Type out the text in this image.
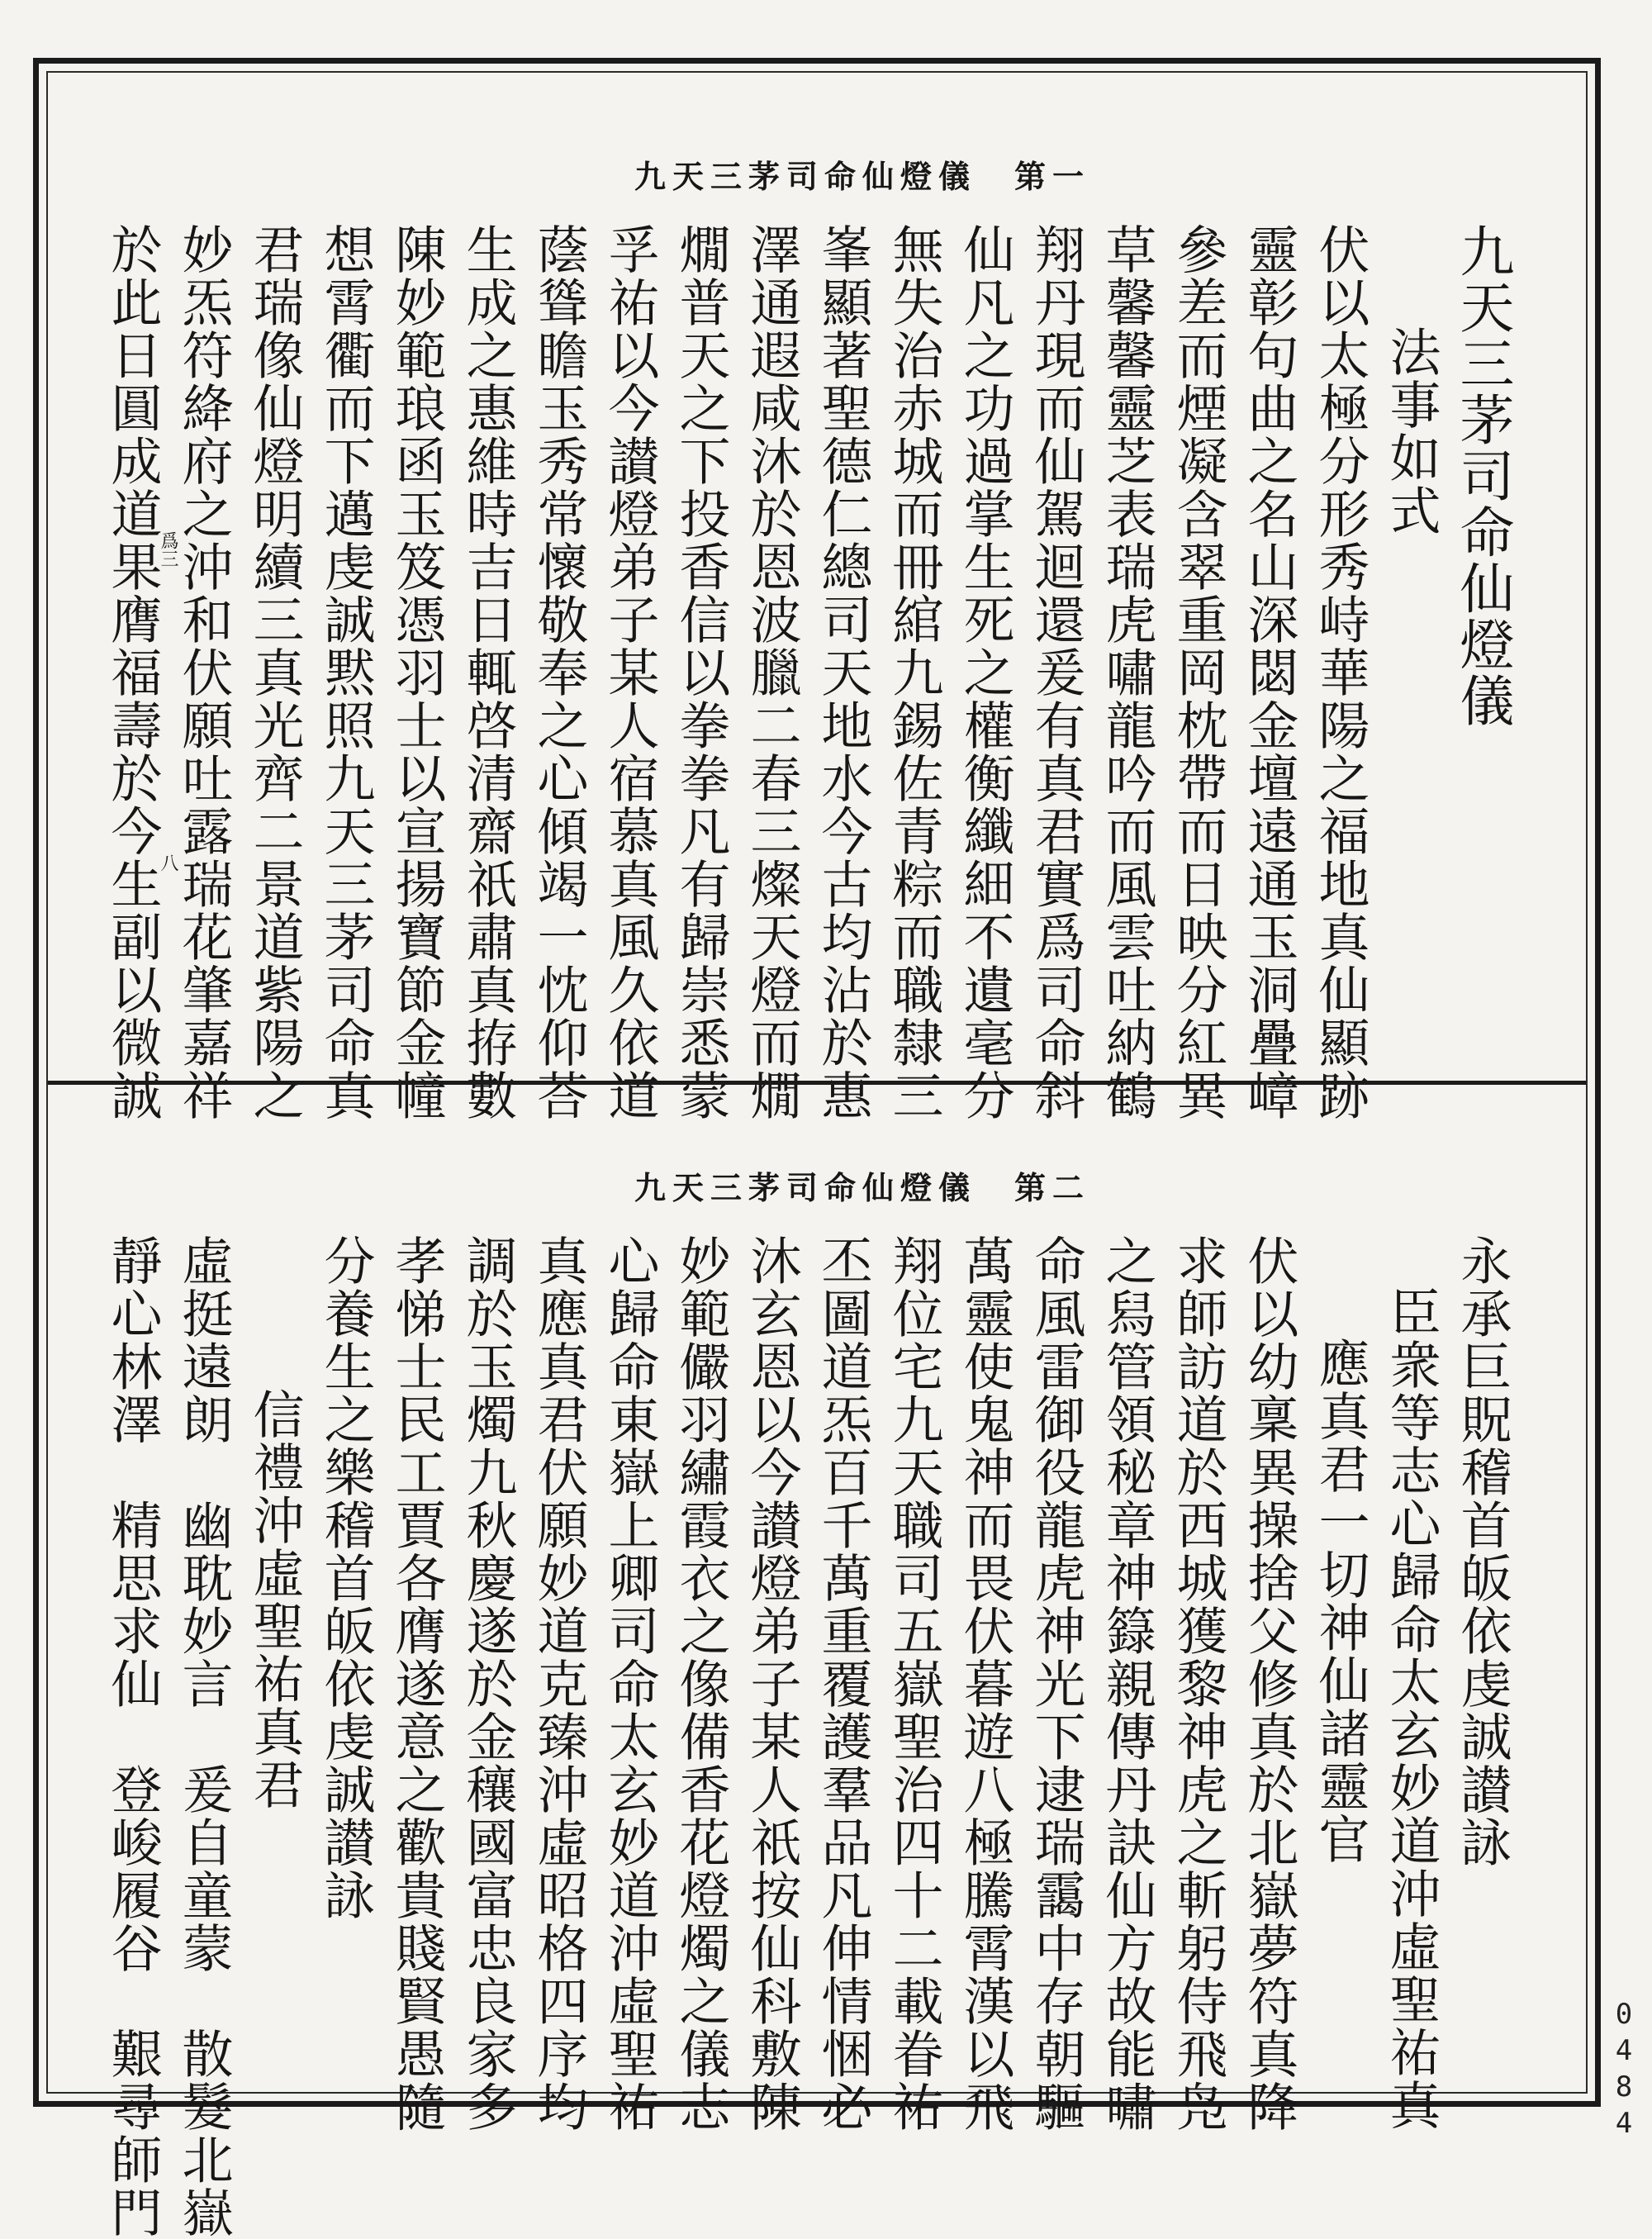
九天三茅司命仙燈儀　第一
九天三茅司命仙燈儀
法事如式
伏以太極分形秀峙華陽之福地真仙顯跡
靈彰句曲之名山深閟金壇遠通玉洞疊嶂
參差而煙凝含翠重岡枕帶而日映分紅異
草馨馨靈芝表瑞虎嘯龍吟而風雲吐納鶴
翔丹現而仙駕迴還爰有真君實爲司命斜
仙凡之功過掌生死之權衡纖細不遺毫分
無失治赤城而冊綰九錫佐青粽而職隸三
峯顯著聖德仁總司天地水今古均沾於惠
澤通遐咸沐於恩波臘二春三燦天燈而燗
燗普天之下投香信以拳拳凡有歸崇悉蒙
孚祐以今讃燈弟子某人宿慕真風久依道
蔭聳瞻玉秀常懷敬奉之心傾竭一忱仰荅
生成之惠維時吉日輒啓清齋祇肅真拵數
陳妙範琅函玉笈憑羽士以宣揚寶節金幢
想霄衢而下邁虔誠黙照九天三茅司命真
君瑞像仙燈明續三真光齊二景道紫陽之
妙炁符絳府之沖和伏願吐露瑞花肇嘉祥
於此日圓成道果膺福壽於今生副以微誠
爲三
八
九天三茅司命仙燈儀　第二
永承巨貺稽首皈依虔誠讃詠
臣衆等志心歸命太玄妙道沖虛聖祐真
應真君一切神仙諸靈官
伏以幼稟異操捨父修真於北嶽夢符真降
求師訪道於西城獲黎神虎之斬躬侍飛凫
之舄管領秘章神籙親傳丹訣仙方故能嘯
命風雷御役龍虎神光下逮瑞靄中存朝驅
萬靈使鬼神而畏伏暮遊八極騰霄漢以飛
翔位宅九天職司五嶽聖治四十二載眷祐
丕圖道炁百千萬重覆護羣品凡伸情悃必
沐玄恩以今讃燈弟子某人祇按仙科敷陳
妙範儼羽繡霞衣之像備香花燈燭之儀志
心歸命東嶽上卿司命太玄妙道沖虛聖祐
真應真君伏願妙道克臻沖虛昭格四序均
調於玉燭九秋慶遂於金穰國富忠良家多
孝悌士民工賈各膺遂意之歡貴賤賢愚隨
分養生之樂稽首皈依虔誠讃詠
信禮沖虛聖祐真君
虛挺遠朗　幽耽妙言　爰自童蒙　散髮北嶽
靜心林澤　精思求仙　登峻履谷　艱尋師門	0484
